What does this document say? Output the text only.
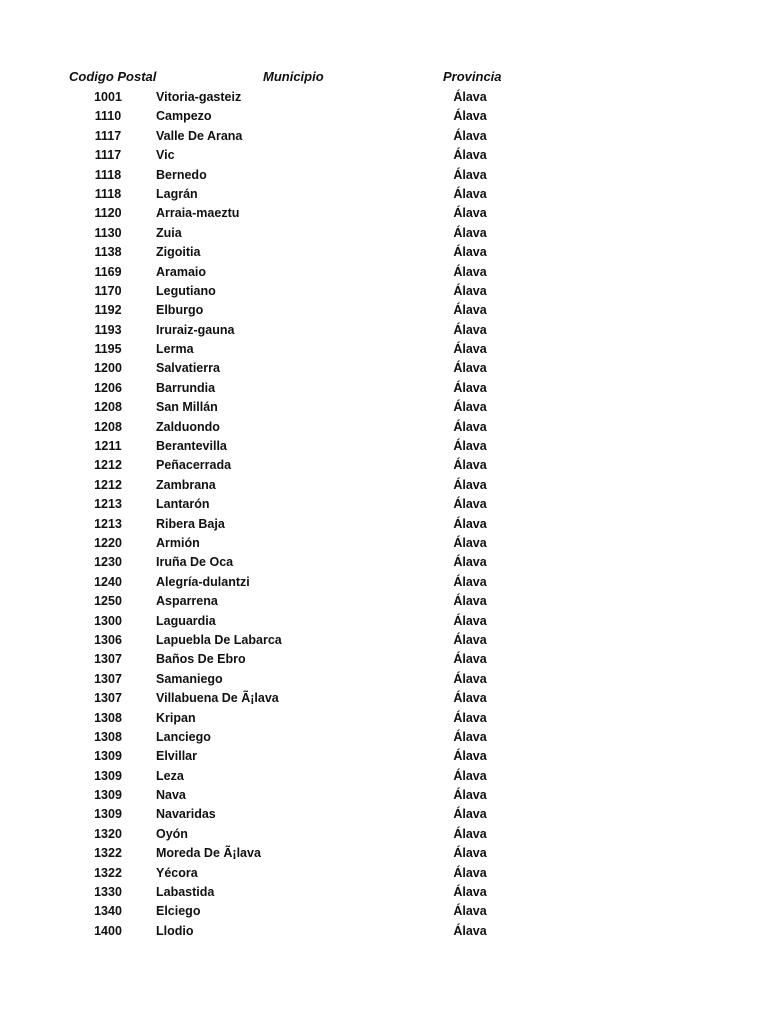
Codigo Postal	Municipio	Provincia
1001	Vitoria-gasteiz	Álava
1110	Campezo	Álava
1117	Valle De Arana	Álava
1117	Vic	Álava
1118	Bernedo	Álava
1118	Lagrán	Álava
1120	Arraia-maeztu	Álava
1130	Zuia	Álava
1138	Zigoitia	Álava
1169	Aramaio	Álava
1170	Legutiano	Álava
1192	Elburgo	Álava
1193	Iruraiz-gauna	Álava
1195	Lerma	Álava
1200	Salvatierra	Álava
1206	Barrundia	Álava
1208	San Millán	Álava
1208	Zalduondo	Álava
1211	Berantevilla	Álava
1212	Peñacerrada	Álava
1212	Zambrana	Álava
1213	Lantarón	Álava
1213	Ribera Baja	Álava
1220	Armión	Álava
1230	Iruña De Oca	Álava
1240	Alegría-dulantzi	Álava
1250	Asparrena	Álava
1300	Laguardia	Álava
1306	Lapuebla De Labarca	Álava
1307	Baños De Ebro	Álava
1307	Samaniego	Álava
1307	Villabuena De Ã¡lava	Álava
1308	Kripan	Álava
1308	Lanciego	Álava
1309	Elvillar	Álava
1309	Leza	Álava
1309	Nava	Álava
1309	Navaridas	Álava
1320	Oyón	Álava
1322	Moreda De Ã¡lava	Álava
1322	Yécora	Álava
1330	Labastida	Álava
1340	Elciego	Álava
1400	Llodio	Álava
